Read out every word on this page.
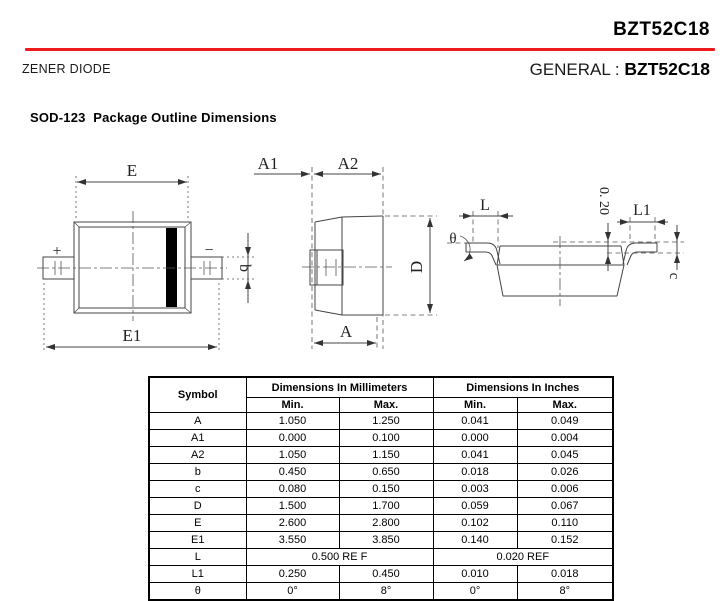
BZT52C18
ZENER DIODE	GENERAL : BZT52C18
SOD-123  Package Outline Dimensions
E
+	−
b
E1
A1	A2
D
A
L
θ
0. 20 L1
c
Symbol	Dimensions In Millimeters		Dimensions In Inches	
	Min.	Max.	Min.	Max.
A	1.050	1.250	0.041	0.049
A1	0.000	0.100	0.000	0.004
A2	1.050	1.150	0.041	0.045
b	0.450	0.650	0.018	0.026
c	0.080	0.150	0.003	0.006
D	1.500	1.700	0.059	0.067
E	2.600	2.800	0.102	0.110
E1	3.550	3.850	0.140	0.152
L	0.500 RE F		0.020 REF	
L1	0.250	0.450	0.010	0.018
θ	0°	8°	0°	8°
